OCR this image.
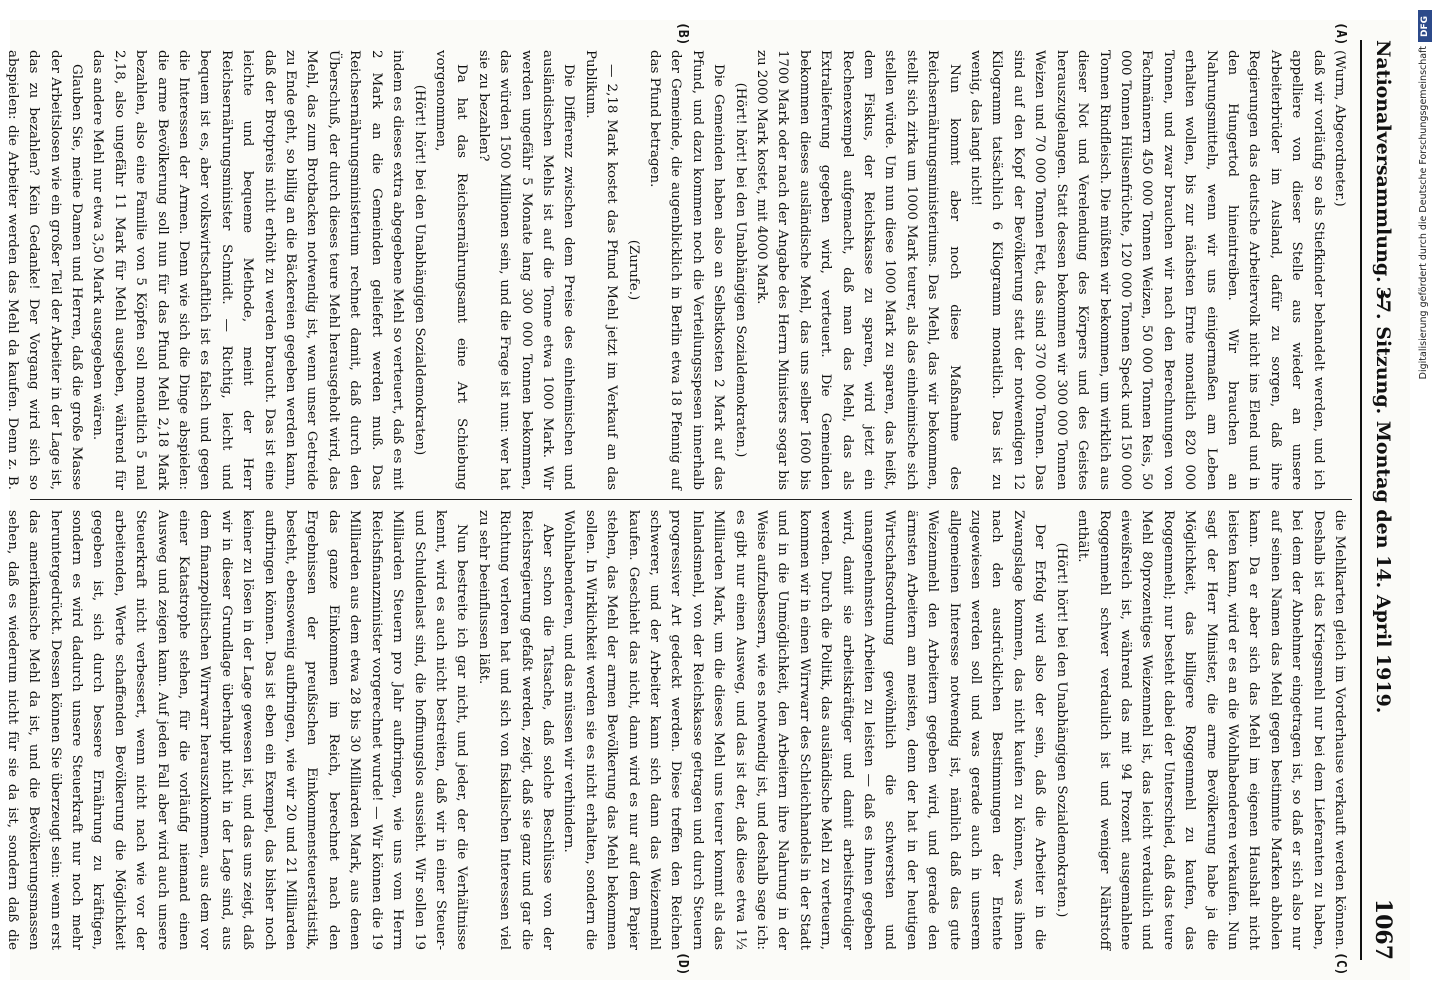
Nationalversammlung. —
37. Sitzung. Montag den 14. April 1919.
1067
(A)
(B)
(C)
(D)

(Wurm, Abgeordneter.)

daß wir vorläufig so als Stiefkinder behandelt werden, und ich appelliere von dieser Stelle aus wieder an unsere Arbeiterbrüder im Ausland, dafür zu sorgen, daß ihre Regierungen das deutsche Arbeitervolk nicht ins Elend und in den Hungertod hineintreiben. Wir brauchen an Nahrungsmitteln, wenn wir uns einigermaßen am Leben erhalten wollen, bis zur nächsten Ernte monatlich 820 000 Tonnen, und zwar brauchen wir nach den Berechnungen von Fachmännern 450 000 Tonnen Weizen, 50 000 Tonnen Reis, 50 000 Tonnen Hülsenfrüchte, 120 000 Tonnen Speck und 150 000 Tonnen Rindfleisch. Die müßten wir bekommen, um wirklich aus dieser Not und Verelendung des Körpers und des Geistes herauszugelangen. Statt dessen bekommen wir 300 000 Tonnen Weizen und 70 000 Tonnen Fett, das sind 370 000 Tonnen. Das sind auf den Kopf der Bevölkerung statt der notwendigen 12 Kilogramm tatsächlich 6 Kilogramm monatlich. Das ist zu wenig, das langt nicht!

Nun kommt aber noch diese Maßnahme des Reichsernährungsministeriums. Das Mehl, das wir bekommen, stellt sich zirka um 1000 Mark teurer, als das einheimische sich stellen würde. Um nun diese 1000 Mark zu sparen, das heißt, dem Fiskus, der Reichskasse zu sparen, wird jetzt ein Rechenexempel aufgemacht, daß man das Mehl, das als Extralieferung gegeben wird, verteuert. Die Gemeinden bekommen dieses ausländische Mehl, das uns selber 1600 bis 1700 Mark oder nach der Angabe des Herrn Ministers sogar bis zu 2000 Mark kostet, mit 4000 Mark.

(Hört! hört! bei den Unabhängigen Sozialdemokraten.)

Die Gemeinden haben also an Selbstkosten 2 Mark auf das Pfund, und dazu kommen noch die Verteilungsspesen innerhalb der Gemeinde, die augenblicklich in Berlin etwa 18 Pfennig auf das Pfund betragen.

(Zurufe.)

— 2,18 Mark kostet das Pfund Mehl jetzt im Verkauf an das Publikum.

Die Differenz zwischen dem Preise des einheimischen und ausländischen Mehls ist auf die Tonne etwa 1000 Mark. Wir werden ungefähr 5 Monate lang 300 000 Tonnen bekommen, das würden 1500 Millionen sein, und die Frage ist nun: wer hat sie zu bezahlen?

Da hat das Reichsernährungsamt eine Art Schiebung vorgenommen,

(Hört! hört! bei den Unabhängigen Sozialdemokraten)

indem es dieses extra abgegebene Mehl so verteuert, daß es mit 2 Mark an die Gemeinden geliefert werden muß. Das Reichsernährungsministerium rechnet damit, daß durch den Überschuß, der durch dieses teure Mehl herausgeholt wird, das Mehl, das zum Brotbacken notwendig ist, wenn unser Getreide zu Ende geht, so billig an die Bäckereien gegeben werden kann, daß der Brotpreis nicht erhöht zu werden braucht. Das ist eine leichte und bequeme Methode, meint der Herr Reichsernährungsminister Schmidt. — Richtig, leicht und bequem ist es, aber volkswirtschaftlich ist es falsch und gegen die Interessen der Armen. Denn wie sich die Dinge abspielen: die arme Bevölkerung soll nun für das Pfund Mehl 2,18 Mark bezahlen, also eine Familie von 5 Köpfen soll monatlich 5 mal 2,18, also ungefähr 11 Mark für Mehl ausgeben, während für das andere Mehl nur etwa 3,50 Mark ausgegeben wären.

Glauben Sie, meine Damen und Herren, daß die große Masse der Arbeitslosen wie ein großer Teil der Arbeiter in der Lage ist, das zu bezahlen? Kein Gedanke! Der Vorgang wird sich so abspielen: die Arbeiter werden das Mehl da kaufen. Denn z. B.

die Mehlkarten gleich im Vorderhause verkauft werden können. Deshalb ist das Kriegsmehl nur bei dem Lieferanten zu haben, bei dem der Abnehmer eingetragen ist, so daß er sich also nur auf seinen Namen das Mehl gegen bestimmte Marken abholen kann. Da er aber sich das Mehl im eigenen Haushalt nicht leisten kann, wird er es an die Wohlhabenderen verkaufen. Nun sagt der Herr Minister, die arme Bevölkerung habe ja die Möglichkeit, das billigere Roggenmehl zu kaufen, das Roggenmehl; nur besteht dabei der Unterschied, daß das teure Mehl 80prozentiges Weizenmehl ist, das leicht verdaulich und eiweißreich ist, während das mit 94 Prozent ausgemahlene Roggenmehl schwer verdaulich ist und weniger Nährstoff enthält.

(Hört! hört! bei den Unabhängigen Sozialdemokraten.)

Der Erfolg wird also der sein, daß die Arbeiter in die Zwangslage kommen, das nicht kaufen zu können, was ihnen nach den ausdrücklichen Bestimmungen der Entente zugewiesen werden soll und was gerade auch in unserem allgemeinen Interesse notwendig ist, nämlich daß das gute Weizenmehl den Arbeitern gegeben wird, und gerade den ärmsten Arbeitern am meisten, denn der hat in der heutigen Wirtschaftsordnung gewöhnlich die schwersten und unangenehmsten Arbeiten zu leisten — daß es ihnen gegeben wird, damit sie arbeitskräftiger und damit arbeitsfreudiger werden. Durch die Politik, das ausländische Mehl zu verteuern, kommen wir in einen Wirrwarr des Schleichhandels in der Stadt und in die Unmöglichkeit, den Arbeitern ihre Nahrung in der Weise aufzubessern, wie es notwendig ist, und deshalb sage ich: es gibt nur einen Ausweg, und das ist der, daß diese etwa 1½ Milliarden Mark, um die dieses Mehl uns teurer kommt als das Inlandsmehl, von der Reichskasse getragen und durch Steuern progressiver Art gedeckt werden. Diese treffen den Reichen schwerer, und der Arbeiter kann sich dann das Weizenmehl kaufen. Geschieht das nicht, dann wird es nur auf dem Papier stehen, das Mehl der armen Bevölkerung das Mehl bekommen sollen. In Wirklichkeit werden sie es nicht erhalten, sondern die Wohlhabenderen, und das müssen wir verhindern.

Aber schon die Tatsache, daß solche Beschlüsse von der Reichsregierung gefaßt werden, zeigt, daß sie ganz und gar die Richtung verloren hat und sich von fiskalischen Interessen viel zu sehr beeinflussen läßt.

Nun bestreite ich gar nicht, und jeder, der die Verhältnisse kennt, wird es auch nicht bestreiten, daß wir in einer Steuer- und Schuldenlast sind, die hoffnungslos aussieht. Wir sollen 19 Milliarden Steuern pro Jahr aufbringen, wie uns vom Herrn Reichsfinanzminister vorgerechnet wurde! — Wir können die 19 Milliarden aus dem etwa 28 bis 30 Milliarden Mark, aus denen das ganze Einkommen im Reich, berechnet nach den Ergebnissen der preußischen Einkommensteuerstatistik, besteht, ebensowenig aufbringen, wie wir 20 und 21 Milliarden aufbringen können. Das ist eben ein Exempel, das bisher noch keiner zu lösen in der Lage gewesen ist, und das uns zeigt, daß wir in dieser Grundlage überhaupt nicht in der Lage sind, aus dem finanzpolitischen Wirrwarr herauszukommen, aus dem vor einer Katastrophe stehen, für die vorläufig niemand einen Ausweg und zeigen kann. Auf jeden Fall aber wird auch unsere Steuerkraft nicht verbessert, wenn nicht nach wie vor der arbeitenden, Werte schaffenden Bevölkerung die Möglichkeit gegeben ist, sich durch bessere Ernährung zu kräftigen, sondern es wird dadurch unsere Steuerkraft nur noch mehr heruntergedrückt. Dessen können Sie überzeugt sein: wenn erst das amerikanische Mehl da ist, und die Bevölkerungsmassen sehen, daß es wiederum nicht für sie da ist, sondern daß die

DFG
Digitalisierung gefördert durch die Deutsche Forschungsgemeinschaft
